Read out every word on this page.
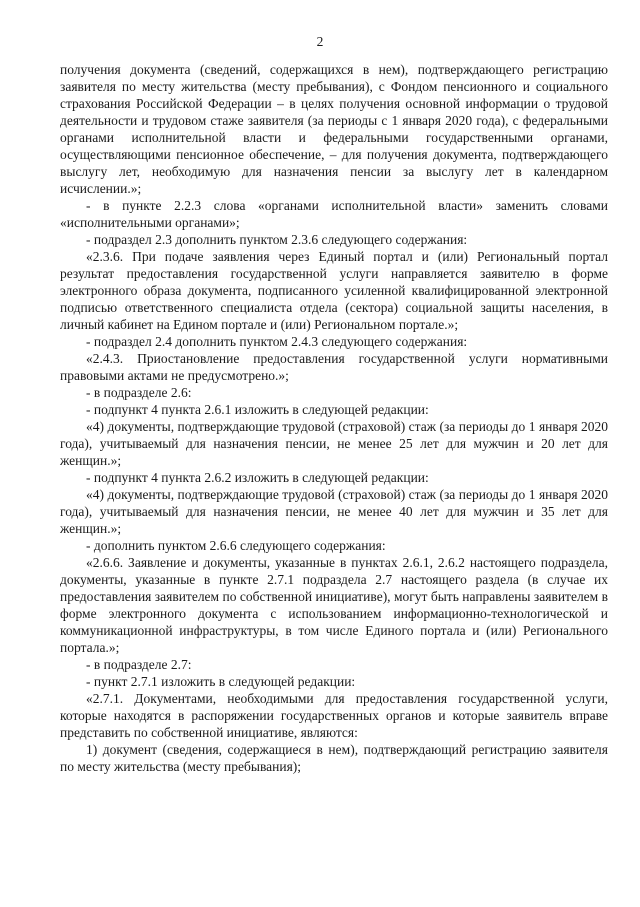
2

получения документа (сведений, содержащихся в нем), подтверждающего регистрацию заявителя по месту жительства (месту пребывания), с Фондом пенсионного и социального страхования Российской Федерации – в целях получения основной информации о трудовой деятельности и трудовом стаже заявителя (за периоды с 1 января 2020 года), с федеральными органами исполнительной власти и федеральными государственными органами, осуществляющими пенсионное обеспечение, – для получения документа, подтверждающего выслугу лет, необходимую для назначения пенсии за выслугу лет в календарном исчислении.»;

- в пункте 2.2.3 слова «органами исполнительной власти» заменить словами «исполнительными органами»;

- подраздел 2.3 дополнить пунктом 2.3.6 следующего содержания:

«2.3.6. При подаче заявления через Единый портал и (или) Региональный портал результат предоставления государственной услуги направляется заявителю в форме электронного образа документа, подписанного усиленной квалифицированной электронной подписью ответственного специалиста отдела (сектора) социальной защиты населения, в личный кабинет на Едином портале и (или) Региональном портале.»;

- подраздел 2.4 дополнить пунктом 2.4.3 следующего содержания:

«2.4.3. Приостановление предоставления государственной услуги нормативными правовыми актами не предусмотрено.»;

- в подразделе 2.6:

- подпункт 4 пункта 2.6.1 изложить в следующей редакции:

«4) документы, подтверждающие трудовой (страховой) стаж (за периоды до 1 января 2020 года), учитываемый для назначения пенсии, не менее 25 лет для мужчин и 20 лет для женщин.»;

- подпункт 4 пункта 2.6.2 изложить в следующей редакции:

«4) документы, подтверждающие трудовой (страховой) стаж (за периоды до 1 января 2020 года), учитываемый для назначения пенсии, не менее 40 лет для мужчин и 35 лет для женщин.»;

- дополнить пунктом 2.6.6 следующего содержания:

«2.6.6. Заявление и документы, указанные в пунктах 2.6.1, 2.6.2 настоящего подраздела, документы, указанные в пункте 2.7.1 подраздела 2.7 настоящего раздела (в случае их предоставления заявителем по собственной инициативе), могут быть направлены заявителем в форме электронного документа с использованием информационно-технологической и коммуникационной инфраструктуры, в том числе Единого портала и (или) Регионального портала.»;

- в подразделе 2.7:

- пункт 2.7.1 изложить в следующей редакции:

«2.7.1. Документами, необходимыми для предоставления государственной услуги, которые находятся в распоряжении государственных органов и которые заявитель вправе представить по собственной инициативе, являются:

1) документ (сведения, содержащиеся в нем), подтверждающий регистрацию заявителя по месту жительства (месту пребывания);
